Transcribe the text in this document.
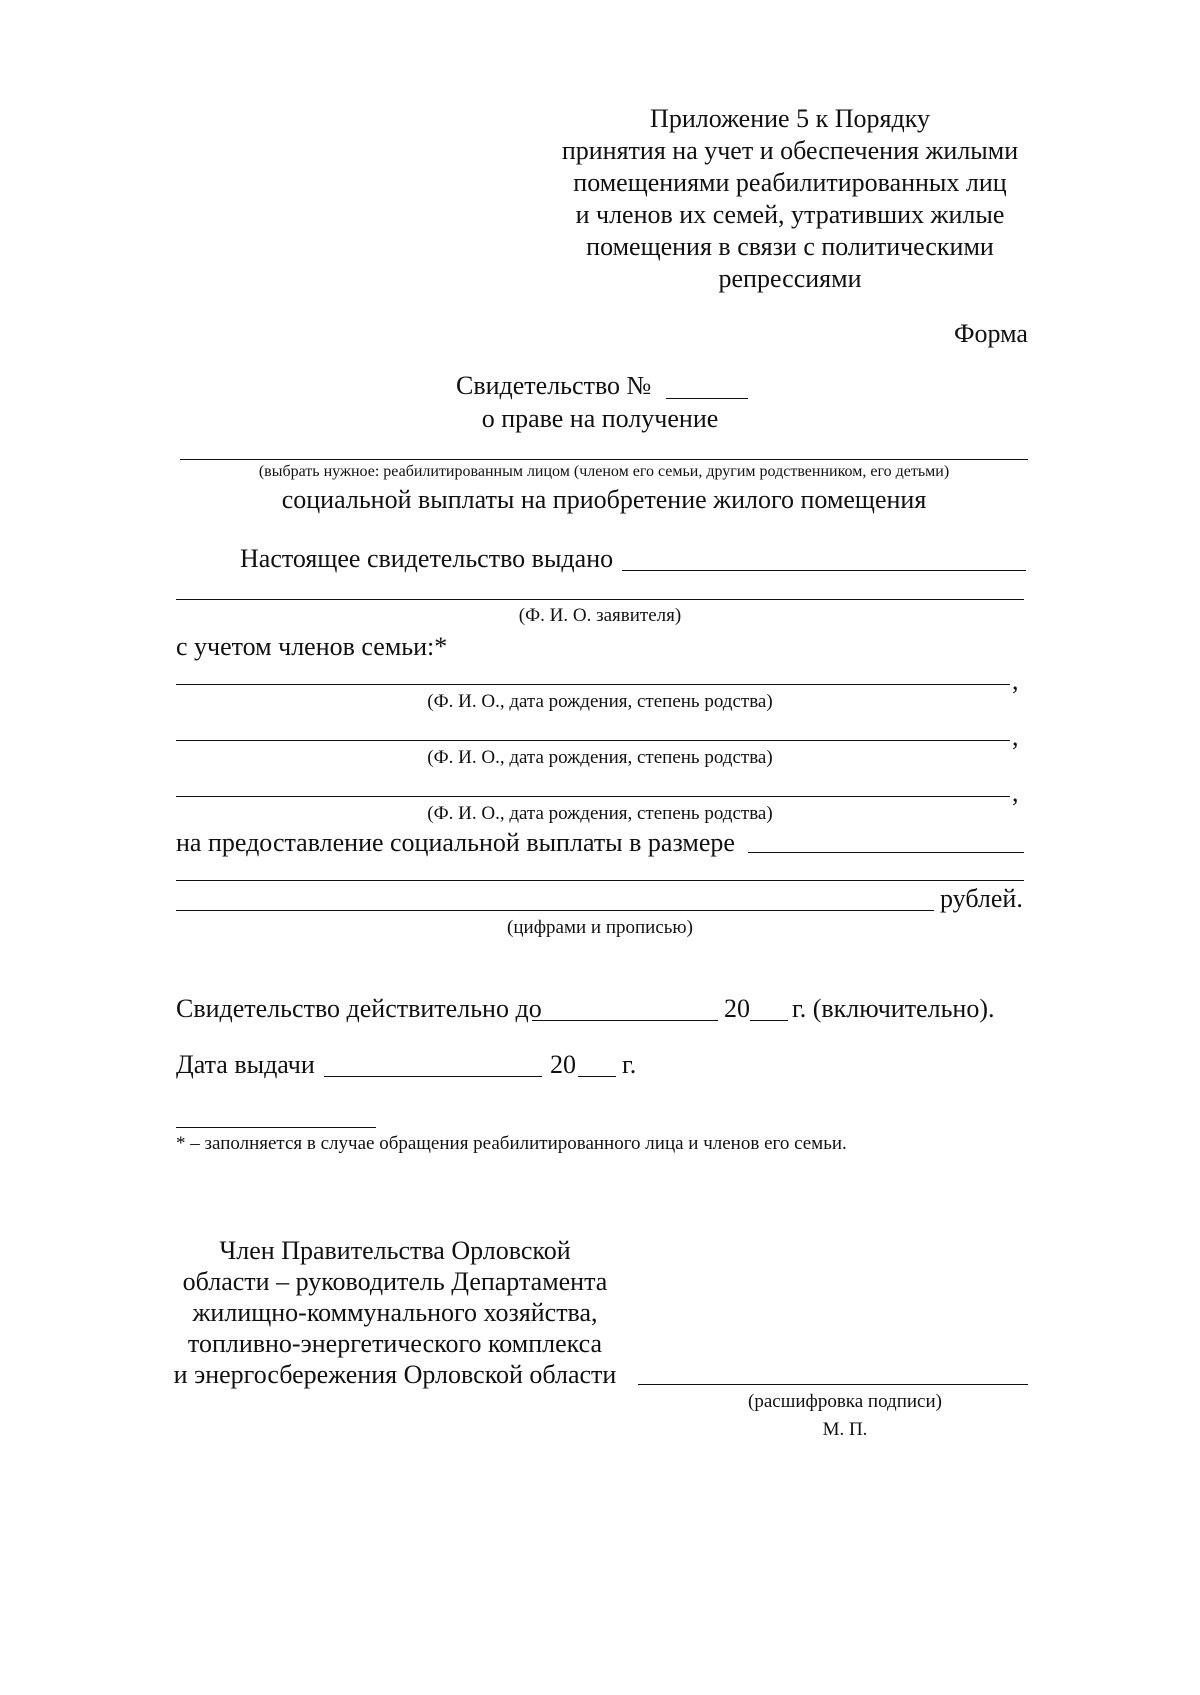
Приложение 5 к Порядку
принятия на учет и обеспечения жилыми
помещениями реабилитированных лиц
и членов их семей, утративших жилые
помещения в связи с политическими
репрессиями
Форма
Свидетельство №
о праве на получение
(выбрать нужное: реабилитированным лицом (членом его семьи, другим родственником, его детьми)
социальной выплаты на приобретение жилого помещения
Настоящее свидетельство выдано
(Ф. И. О. заявителя)
с учетом членов семьи:*
,
(Ф. И. О., дата рождения, степень родства)
,
(Ф. И. О., дата рождения, степень родства)
,
(Ф. И. О., дата рождения, степень родства)
на предоставление социальной выплаты в размере
рублей.
(цифрами и прописью)
Свидетельство действительно до	20 г. (включительно).
Дата выдачи	20 г.
* – заполняется в случае обращения реабилитированного лица и членов его семьи.
Член Правительства Орловской
области – руководитель Департамента
жилищно-коммунального хозяйства,
топливно-энергетического комплекса
и энергосбережения Орловской области
(расшифровка подписи)
М. П.
